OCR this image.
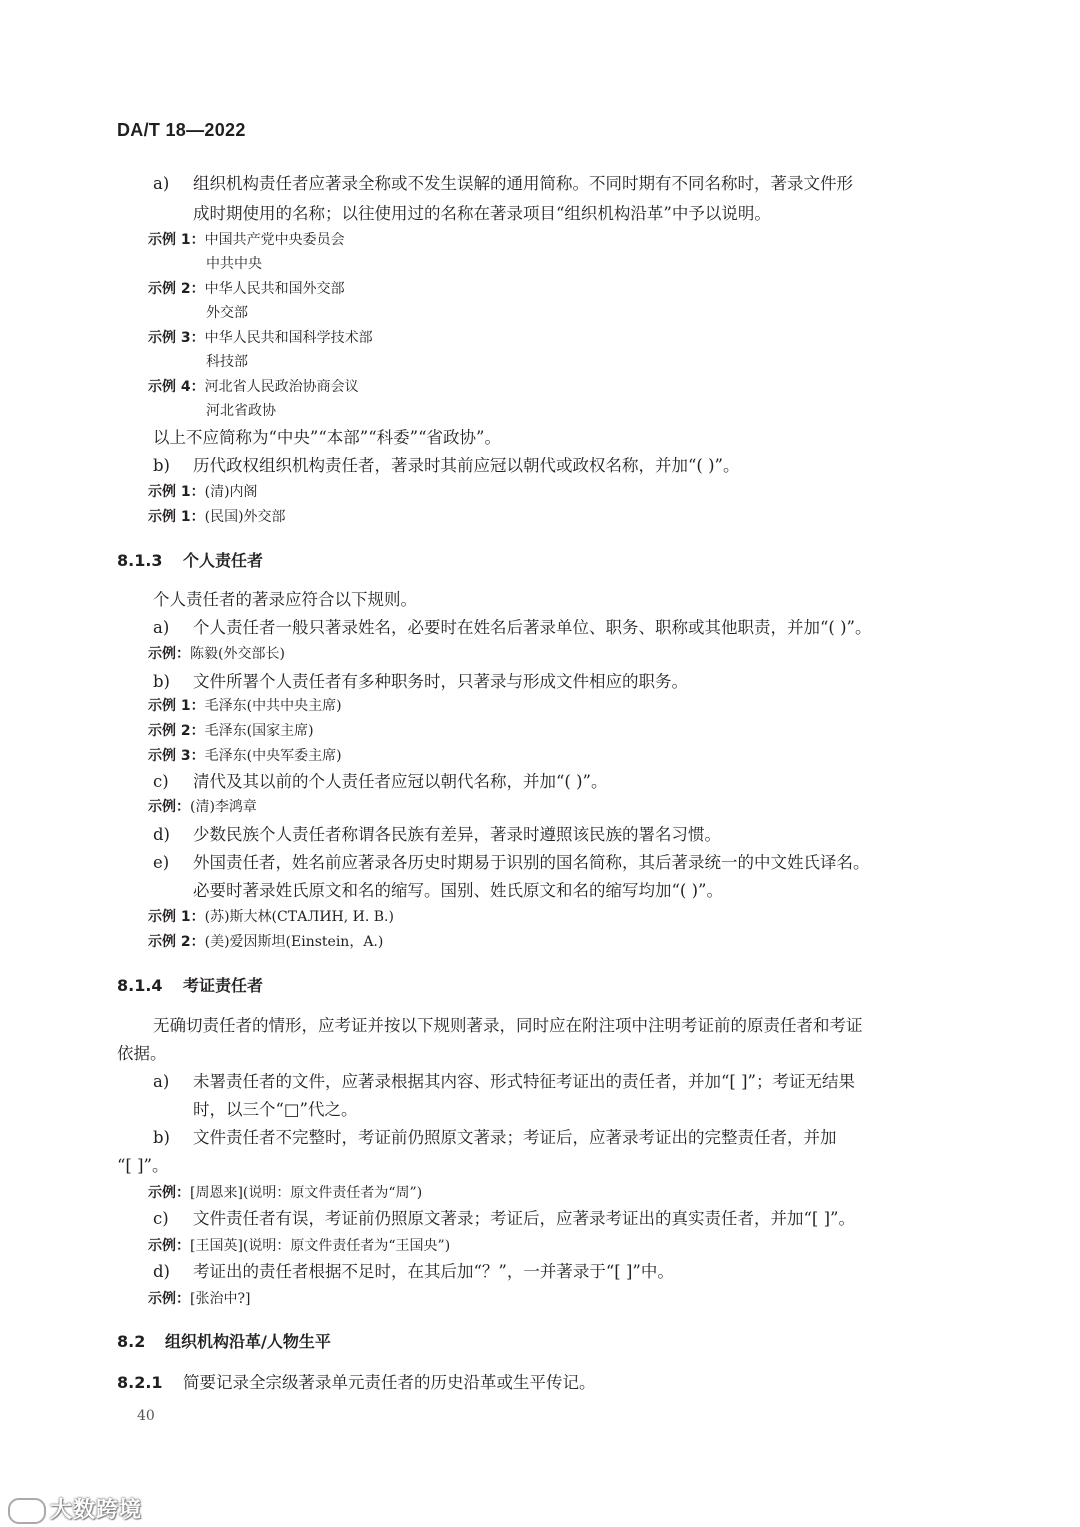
DA/T 18—2022
a) 组织机构责任者应著录全称或不发生误解的通用简称。不同时期有不同名称时，著录文件形
成时期使用的名称；以往使用过的名称在著录项目“组织机构沿革”中予以说明。
示例 1：中国共产党中央委员会
中共中央
示例 2：中华人民共和国外交部
外交部
示例 3：中华人民共和国科学技术部
科技部
示例 4：河北省人民政治协商会议
河北省政协
以上不应简称为“中央”“本部”“科委”“省政协”。
b) 历代政权组织机构责任者，著录时其前应冠以朝代或政权名称，并加“( )”。
示例 1：(清)内阁
示例 1：(民国)外交部
8.1.3 个人责任者
个人责任者的著录应符合以下规则。
a) 个人责任者一般只著录姓名，必要时在姓名后著录单位、职务、职称或其他职责，并加“( )”。
示例：陈毅(外交部长)
b) 文件所署个人责任者有多种职务时，只著录与形成文件相应的职务。
示例 1：毛泽东(中共中央主席)
示例 2：毛泽东(国家主席)
示例 3：毛泽东(中央军委主席)
c) 清代及其以前的个人责任者应冠以朝代名称，并加“( )”。
示例：(清)李鸿章
d) 少数民族个人责任者称谓各民族有差异，著录时遵照该民族的署名习惯。
e) 外国责任者，姓名前应著录各历史时期易于识别的国名简称，其后著录统一的中文姓氏译名。
必要时著录姓氏原文和名的缩写。国别、姓氏原文和名的缩写均加“( )”。
示例 1：(苏)斯大林(СТАЛИН, И. В.)
示例 2：(美)爱因斯坦(Einstein，A.)
8.1.4 考证责任者
无确切责任者的情形，应考证并按以下规则著录，同时应在附注项中注明考证前的原责任者和考证
依据。
a) 未署责任者的文件，应著录根据其内容、形式特征考证出的责任者，并加“[ ]”；考证无结果
时，以三个“□”代之。
b) 文件责任者不完整时，考证前仍照原文著录；考证后，应著录考证出的完整责任者，并加
“[ ]”。
示例：[周恩来](说明：原文件责任者为“周”)
c) 文件责任者有误，考证前仍照原文著录；考证后，应著录考证出的真实责任者，并加“[ ]”。
示例：[王国英](说明：原文件责任者为“王国央”)
d) 考证出的责任者根据不足时，在其后加“？”，一并著录于“[ ]”中。
示例：[张治中?]
8.2 组织机构沿革/人物生平
8.2.1 简要记录全宗级著录单元责任者的历史沿革或生平传记。
40
大数跨境
